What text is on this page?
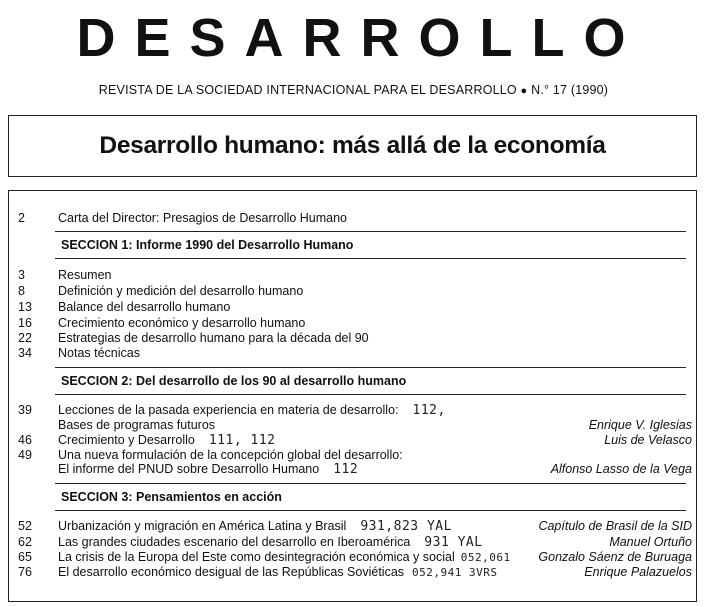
DESARROLLO
REVISTA DE LA SOCIEDAD INTERNACIONAL PARA EL DESARROLLO ● N.° 17 (1990)
Desarrollo humano: más allá de la economía
2	Carta del Director: Presagios de Desarrollo Humano
SECCION 1: Informe 1990 del Desarrollo Humano
3	Resumen
8	Definición y medición del desarrollo humano
13	Balance del desarrollo humano
16	Crecimiento económico y desarrollo humano
22	Estrategias de desarrollo humano para la década del 90
34	Notas técnicas
SECCION 2: Del desarrollo de los 90 al desarrollo humano
39	Lecciones de la pasada experiencia en materia de desarrollo: 112,
Bases de programas futuros	Enrique V. Iglesias
46	Crecimiento y Desarrollo 111, 112	Luis de Velasco
49	Una nueva formulación de la concepción global del desarrollo:
El informe del PNUD sobre Desarrollo Humano 112	Alfonso Lasso de la Vega
SECCION 3: Pensamientos en acción
52	Urbanización y migración en América Latina y Brasil 931,823 YAL	Capítulo de Brasil de la SID
62	Las grandes ciudades escenario del desarrollo en Iberoamérica 931 YAL	Manuel Ortuño
65	La crisis de la Europa del Este como desintegración económica y social 052,061 Gonzalo Sáenz de Buruaga
76	El desarrollo económico desigual de las Repúblicas Soviéticas 052,941 3VRS	Enrique Palazuelos
